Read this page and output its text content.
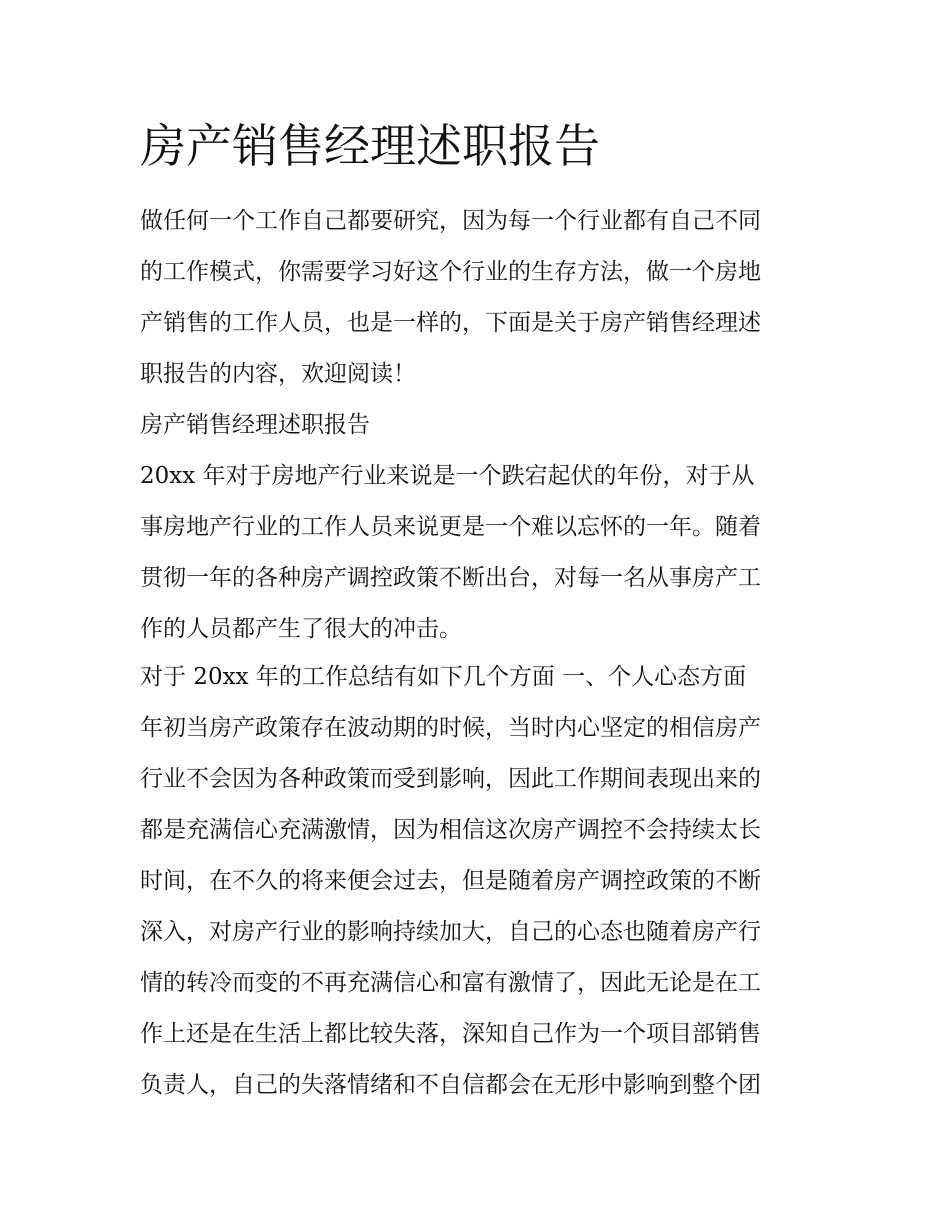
房产销售经理述职报告

做任何一个工作自己都要研究，因为每一个行业都有自己不同

的工作模式，你需要学习好这个行业的生存方法，做一个房地

产销售的工作人员，也是一样的，下面是关于房产销售经理述

职报告的内容，欢迎阅读！

房产销售经理述职报告

20xx 年对于房地产行业来说是一个跌宕起伏的年份，对于从

事房地产行业的工作人员来说更是一个难以忘怀的一年。随着

贯彻一年的各种房产调控政策不断出台，对每一名从事房产工

作的人员都产生了很大的冲击。

对于 20xx 年的工作总结有如下几个方面 一、个人心态方面

年初当房产政策存在波动期的时候，当时内心坚定的相信房产

行业不会因为各种政策而受到影响，因此工作期间表现出来的

都是充满信心充满激情，因为相信这次房产调控不会持续太长

时间，在不久的将来便会过去，但是随着房产调控政策的不断

深入，对房产行业的影响持续加大，自己的心态也随着房产行

情的转冷而变的不再充满信心和富有激情了，因此无论是在工

作上还是在生活上都比较失落，深知自己作为一个项目部销售

负责人，自己的失落情绪和不自信都会在无形中影响到整个团
